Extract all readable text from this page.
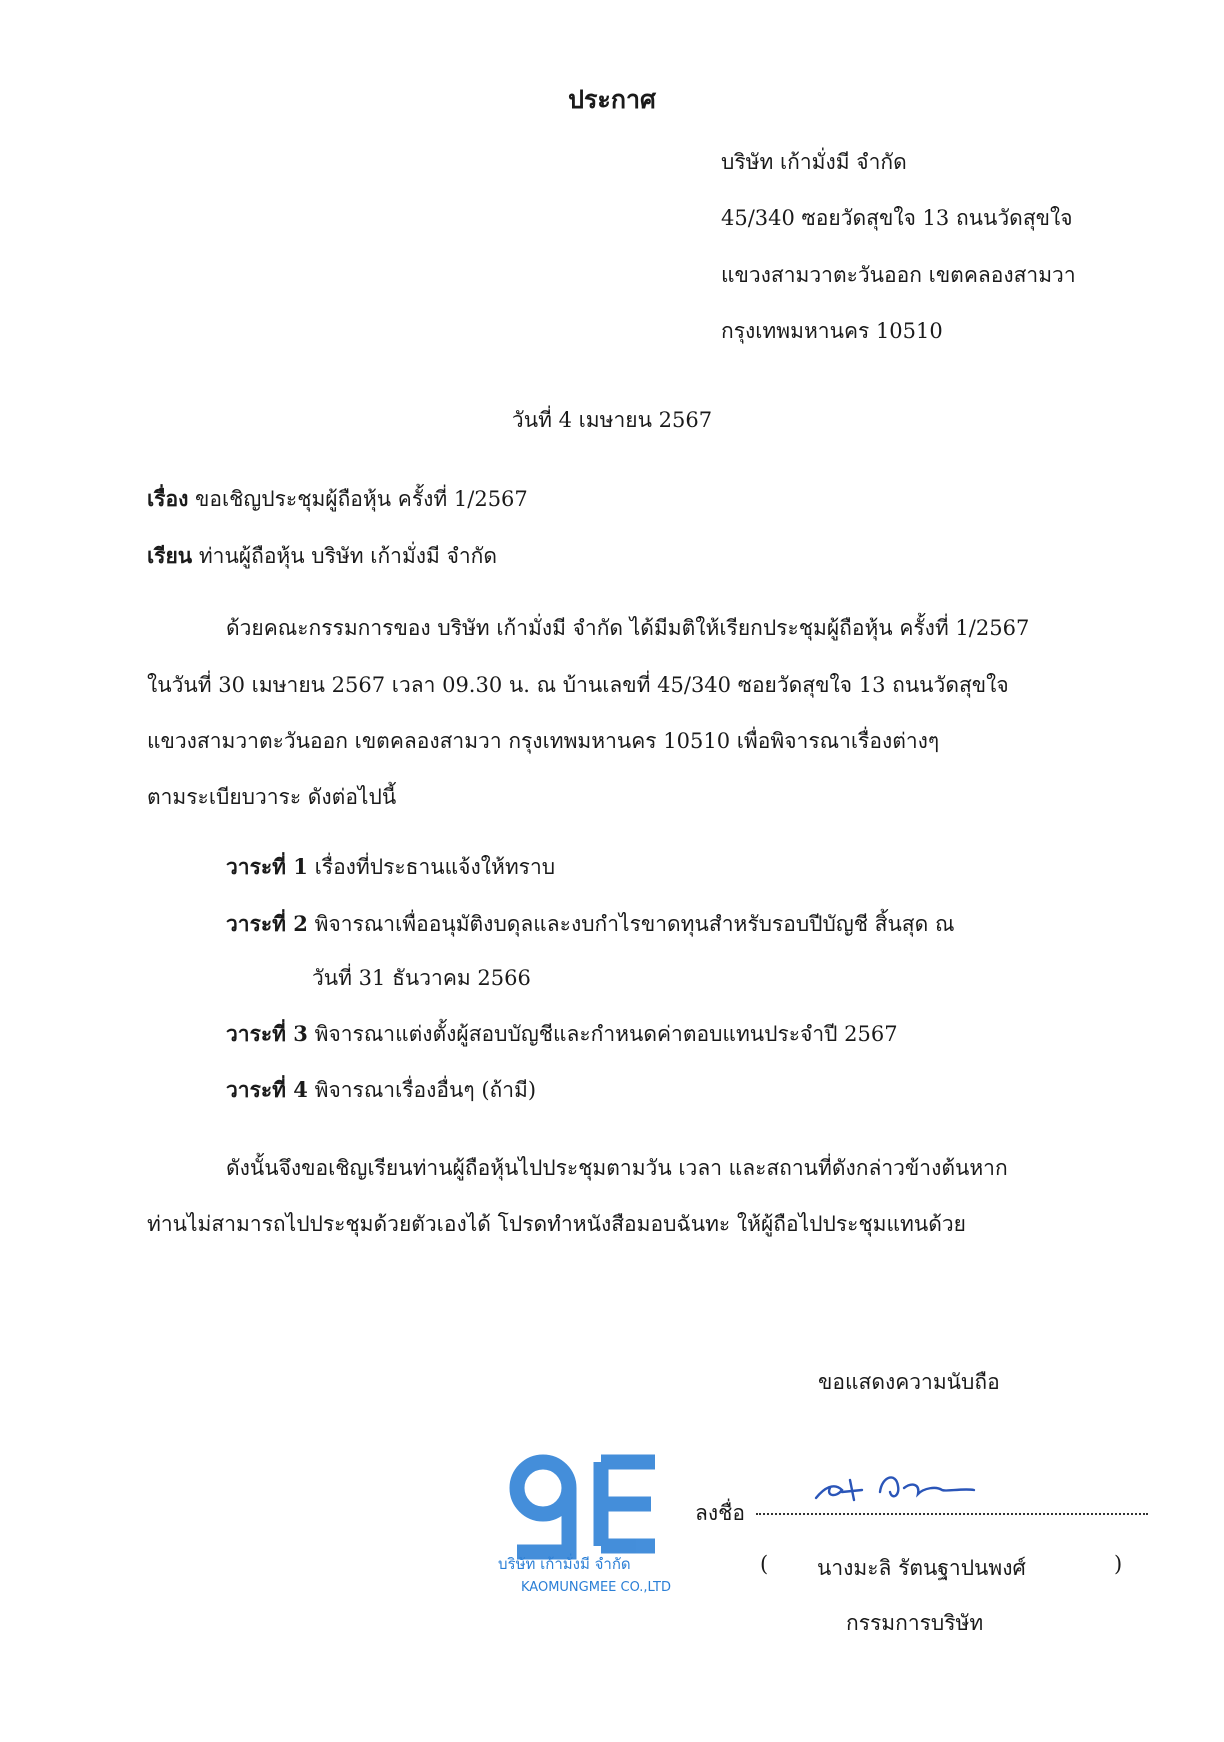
ประกาศ
บริษัท เก้ามั่งมี จำกัด
45/340 ซอยวัดสุขใจ 13 ถนนวัดสุขใจ
แขวงสามวาตะวันออก เขตคลองสามวา
กรุงเทพมหานคร 10510
วันที่ 4 เมษายน 2567
เรื่อง ขอเชิญประชุมผู้ถือหุ้น ครั้งที่ 1/2567
เรียน ท่านผู้ถือหุ้น บริษัท เก้ามั่งมี จำกัด
ด้วยคณะกรรมการของ บริษัท เก้ามั่งมี จำกัด ได้มีมติให้เรียกประชุมผู้ถือหุ้น ครั้งที่ 1/2567
ในวันที่ 30 เมษายน 2567 เวลา 09.30 น. ณ บ้านเลขที่ 45/340 ซอยวัดสุขใจ 13 ถนนวัดสุขใจ
แขวงสามวาตะวันออก เขตคลองสามวา กรุงเทพมหานคร 10510 เพื่อพิจารณาเรื่องต่างๆ
ตามระเบียบวาระ ดังต่อไปนี้
วาระที่ 1 เรื่องที่ประธานแจ้งให้ทราบ
วาระที่ 2 พิจารณาเพื่ออนุมัติงบดุลและงบกำไรขาดทุนสำหรับรอบปีบัญชี สิ้นสุด ณ
วันที่ 31 ธันวาคม 2566
วาระที่ 3 พิจารณาแต่งตั้งผู้สอบบัญชีและกำหนดค่าตอบแทนประจำปี 2567
วาระที่ 4 พิจารณาเรื่องอื่นๆ (ถ้ามี)
ดังนั้นจึงขอเชิญเรียนท่านผู้ถือหุ้นไปประชุมตามวัน เวลา และสถานที่ดังกล่าวข้างต้นหาก
ท่านไม่สามารถไปประชุมด้วยตัวเองได้ โปรดทำหนังสือมอบฉันทะ ให้ผู้ถือไปประชุมแทนด้วย
ขอแสดงความนับถือ
บริษัท เก้ามั่งมี จำกัด
KAOMUNGMEE CO.,LTD
ลงชื่อ
( นางมะลิ รัตนฐาปนพงศ์	)
กรรมการบริษัท
